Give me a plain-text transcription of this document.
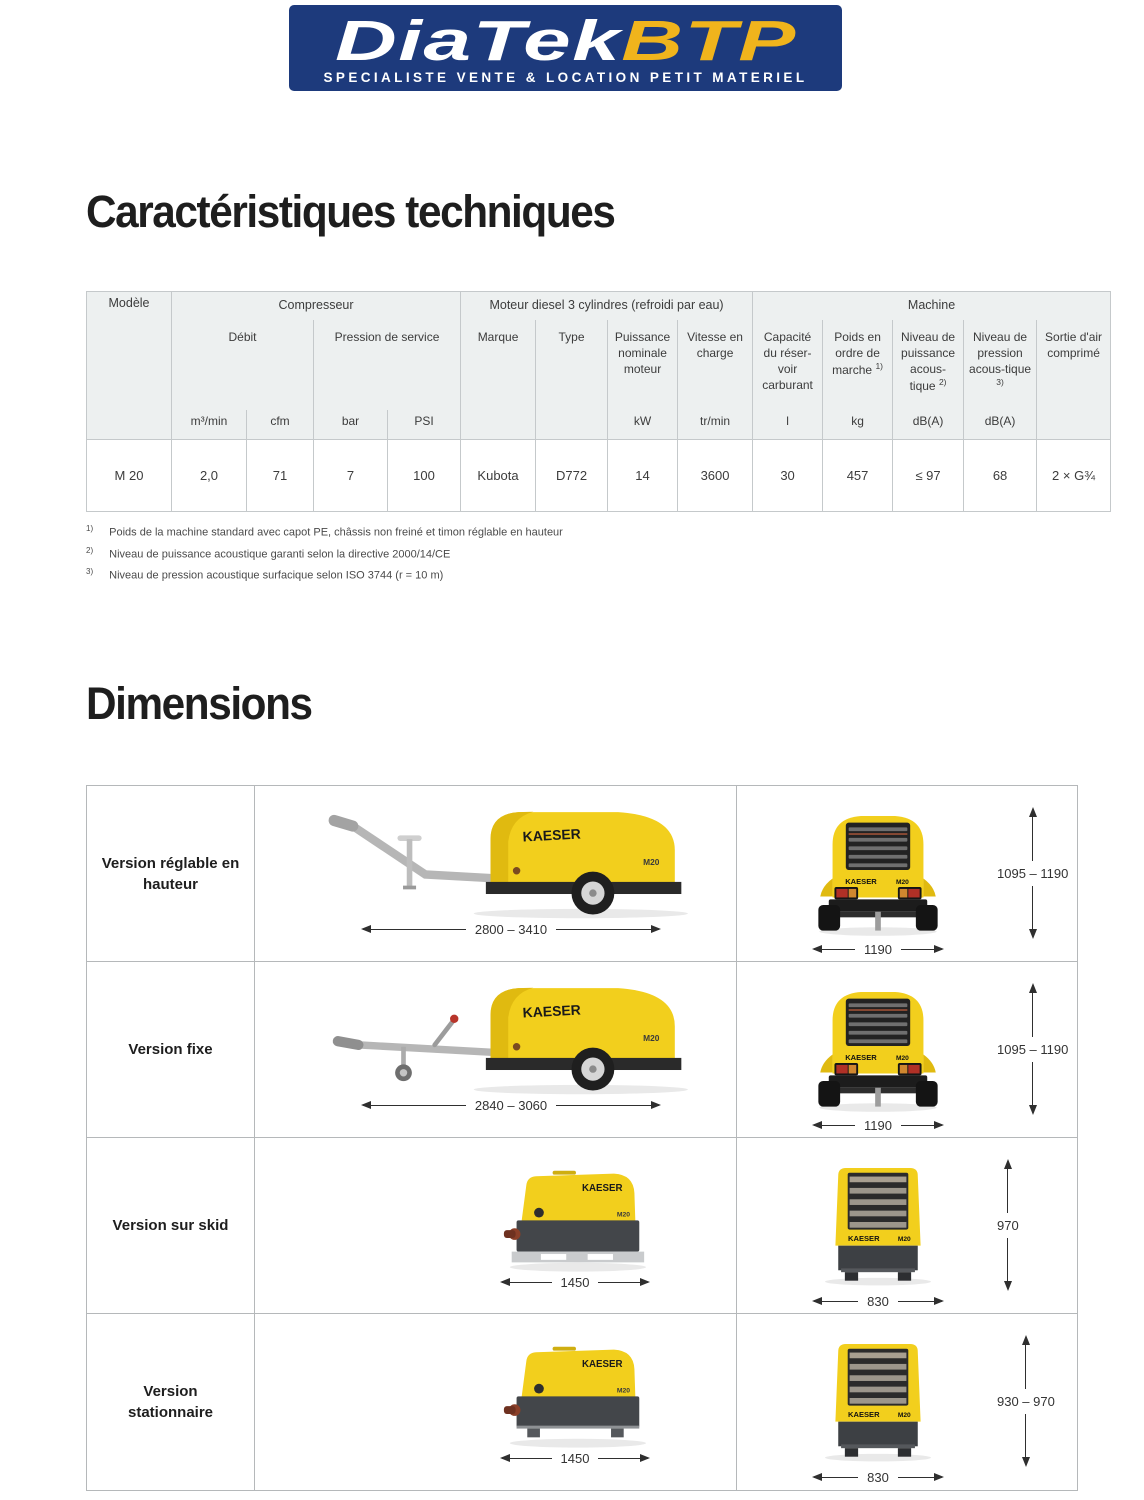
DiaTekBTP
SPECIALISTE VENTE & LOCATION PETIT MATERIEL
Caractéristiques techniques
Modèle	Compresseur				Moteur diesel 3 cylindres (refroidi par eau)				Machine				
	Débit		Pression de service		Marque	Type	Puissance nominale moteur	Vitesse en charge	Capacité du réser-voir carburant	Poids en ordre de marche $^{1)}$	Niveau de puissance acous-tique $^{2)}$	Niveau de pression acous-tique $^{3)}$	Sortie d'air comprimé
	m³/min	cfm	bar	PSI			kW	tr/min	l	kg	dB(A)	dB(A)	
M 20	2,0	71	7	100	Kubota	D772	14	3600	30	457	≤ 97	68	2 × G¾
$^{1)}$ Poids de la machine standard avec capot PE, châssis non freiné et timon réglable en hauteur
$^{2)}$ Niveau de puissance acoustique garanti selon la directive 2000/14/CE
$^{3)}$ Niveau de pression acoustique surfacique selon ISO 3744 (r = 10 m)
Dimensions
Version réglable en hauteur
2800 – 3410
1190
1095 – 1190
Version fixe
2840 – 3060
1190
1095 – 1190
Version sur skid
1450
830
970
Version stationnaire
1450
830
930 – 970
